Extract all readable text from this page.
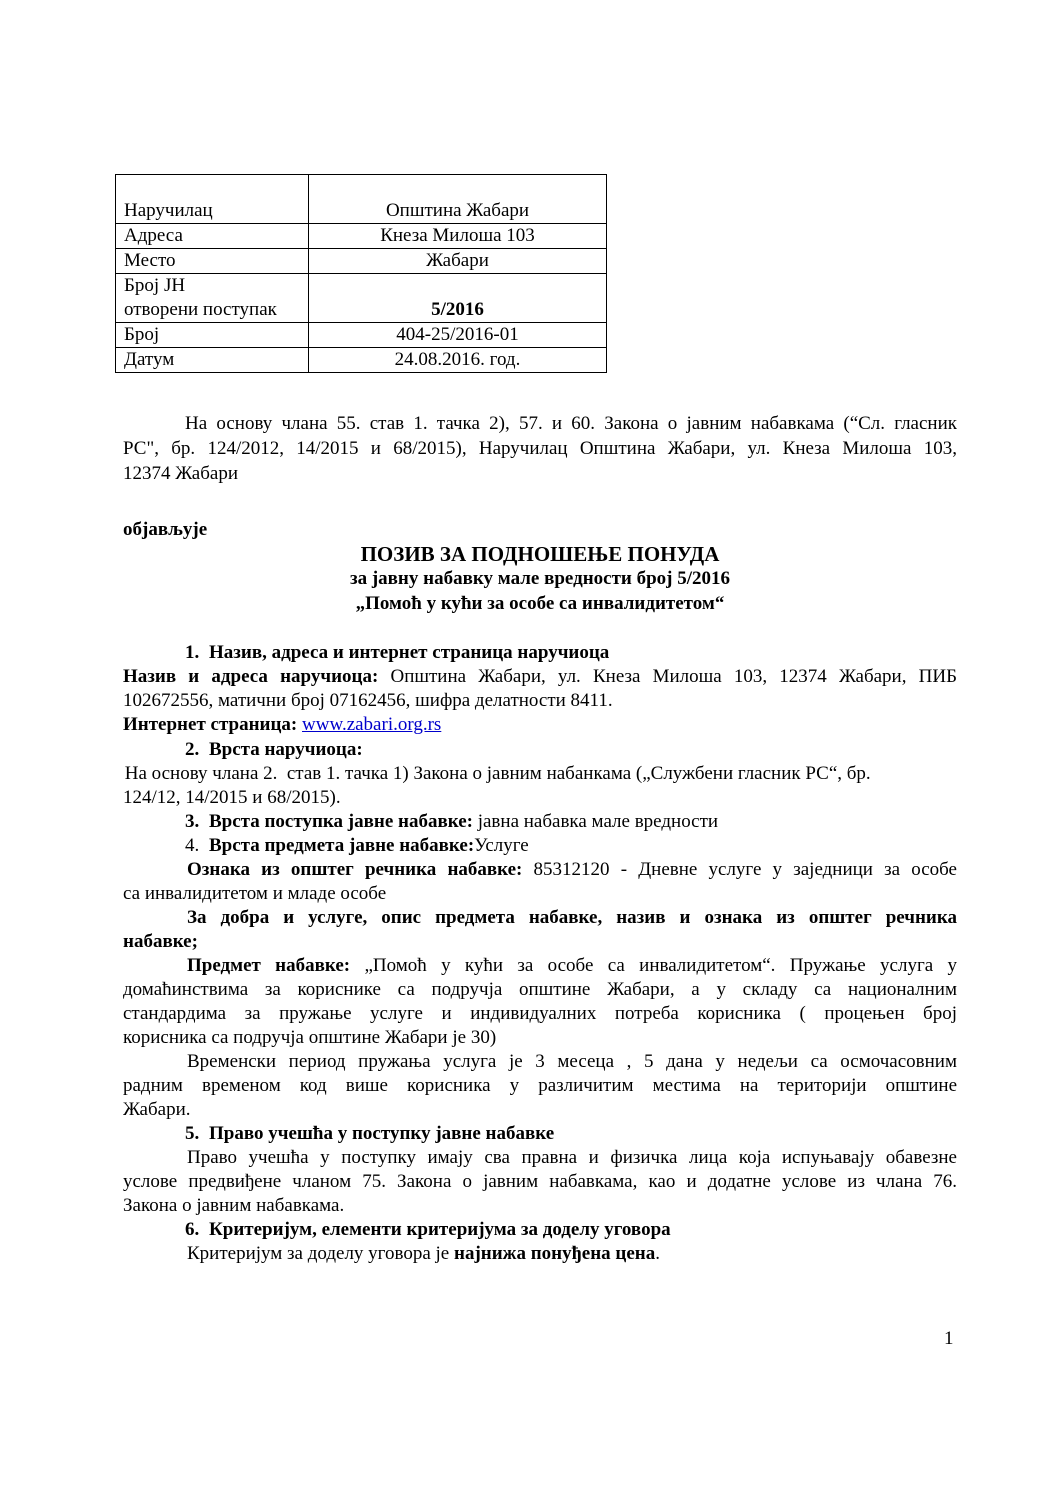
Наручилац	Општина Жабари
Адреса	Кнеза Милоша 103
Место	Жабари

Број ЈН
отворени поступак	5/2016
Број	404-25/2016-01
Датум	24.08.2016. год.
На основу члана 55. став 1. тачка 2), 57. и 60. Закона о јавним набавкама (“Сл. гласник
РС", бр. 124/2012, 14/2015 и 68/2015), Наручилац Општина Жабари, ул. Кнеза Милоша 103,
12374 Жабари
објављује
ПОЗИВ ЗА ПОДНОШЕЊЕ ПОНУДА
за јавну набавку мале вредности број 5/2016
„Помоћ у кући за особе са инвалидитетом“
1. Назив, адреса и интернет страница наручиоца
Назив и адреса наручиоца: Општина Жабари, ул. Кнеза Милоша 103, 12374 Жабари, ПИБ
102672556, матични број 07162456, шифра делатности 8411.
Интернет страница: www.zabari.org.rs
2. Врста наручиоца:
На основу члана 2.  став 1. тачка 1) Закона о јавним набанкама („Службени гласник РС“, бр.
124/12, 14/2015 и 68/2015).
3. Врста поступка јавне набавке: јавна набавка мале вредности
4. Врста предмета јавне набавке:Услуге
Ознака из општег речника набавке: 85312120 - Дневне услуге у заједници за особе
са инвалидитетом и младе особе
За добра и услуге, опис предмета набавке, назив и ознака из општег речника
набавке;
Предмет набавке: „Помоћ у кући за особе са инвалидитетом“. Пружање услуга у
домаћинствима за кориснике са подручја општине Жабари, а у складу са националним
стандардима за пружање услуге и индивидуалних потреба корисника ( процењен број
корисника са подручја општине Жабари је 30)
Временски период пружања услуга је 3 месеца , 5 дана у недељи са осмочасовним
радним временом код више корисника у различитим местима на територији општине
Жабари.
5. Право учешћа у поступку јавне набавке
Право учешћа у поступку имају сва правна и физичка лица која испуњавају обавезне
услове предвиђене чланом 75. Закона о јавним набавкама, као и додатне услове из члана 76.
Закона о јавним набавкама.
6. Критеријум, елементи критеријума за доделу уговора
Критеријум за доделу уговора је најнижа понуђена цена.
1
